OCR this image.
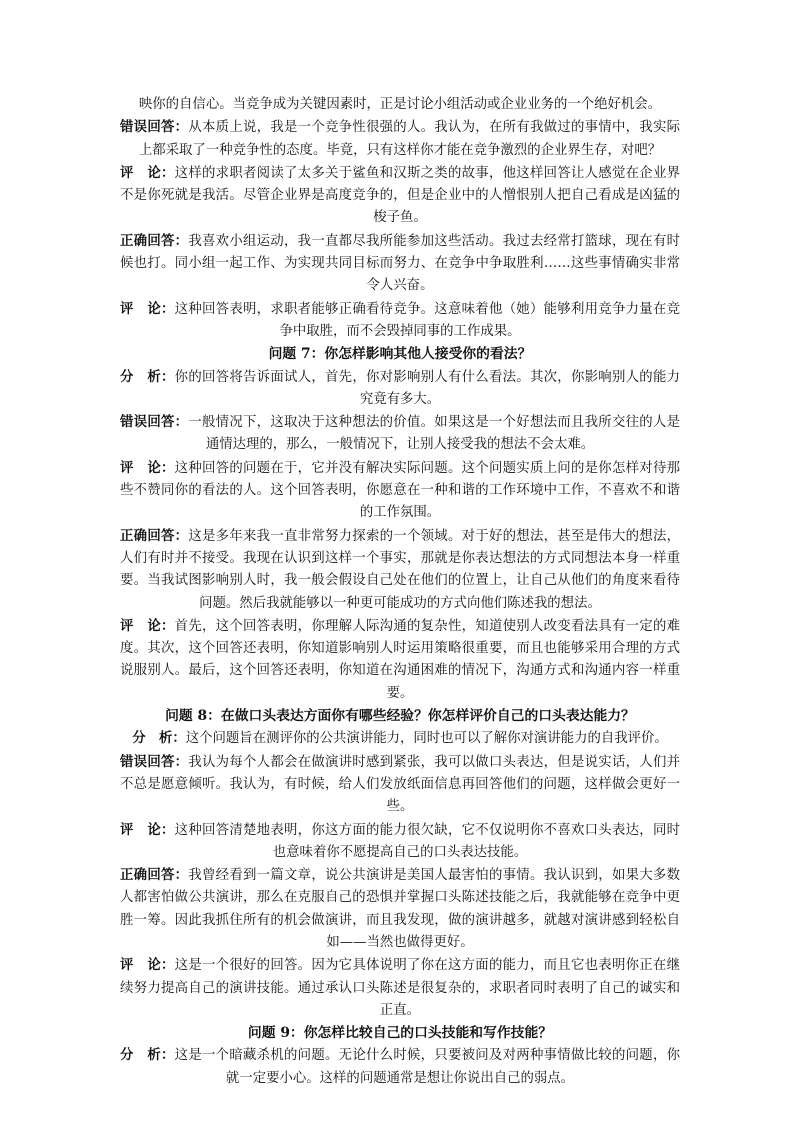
映你的自信心。当竞争成为关键因素时，正是讨论小组活动或企业业务的一个绝好机会。

错误回答：从本质上说，我是一个竞争性很强的人。我认为，在所有我做过的事情中，我实际上都采取了一种竞争性的态度。毕竟，只有这样你才能在竞争激烈的企业界生存，对吧？

评　论：这样的求职者阅读了太多关于鲨鱼和汉斯之类的故事，他这样回答让人感觉在企业界不是你死就是我活。尽管企业界是高度竞争的，但是企业中的人憎恨别人把自己看成是凶猛的梭子鱼。

正确回答：我喜欢小组运动，我一直都尽我所能参加这些活动。我过去经常打篮球，现在有时候也打。同小组一起工作、为实现共同目标而努力、在竞争中争取胜利……这些事情确实非常令人兴奋。

评　论：这种回答表明，求职者能够正确看待竞争。这意味着他（她）能够利用竞争力量在竞争中取胜，而不会毁掉同事的工作成果。

问题 7：你怎样影响其他人接受你的看法？

分　析：你的回答将告诉面试人，首先，你对影响别人有什么看法。其次，你影响别人的能力究竟有多大。

错误回答：一般情况下，这取决于这种想法的价值。如果这是一个好想法而且我所交往的人是通情达理的，那么，一般情况下，让别人接受我的想法不会太难。

评　论：这种回答的问题在于，它并没有解决实际问题。这个问题实质上问的是你怎样对待那些不赞同你的看法的人。这个回答表明，你愿意在一种和谐的工作环境中工作，不喜欢不和谐的工作氛围。

正确回答：这是多年来我一直非常努力探索的一个领域。对于好的想法，甚至是伟大的想法，人们有时并不接受。我现在认识到这样一个事实，那就是你表达想法的方式同想法本身一样重要。当我试图影响别人时，我一般会假设自己处在他们的位置上，让自己从他们的角度来看待问题。然后我就能够以一种更可能成功的方式向他们陈述我的想法。

评　论：首先，这个回答表明，你理解人际沟通的复杂性，知道使别人改变看法具有一定的难度。其次，这个回答还表明，你知道影响别人时运用策略很重要，而且也能够采用合理的方式说服别人。最后，这个回答还表明，你知道在沟通困难的情况下，沟通方式和沟通内容一样重要。

问题 8：在做口头表达方面你有哪些经验？你怎样评价自己的口头表达能力？

分　析：这个问题旨在测评你的公共演讲能力，同时也可以了解你对演讲能力的自我评价。

错误回答：我认为每个人都会在做演讲时感到紧张，我可以做口头表达，但是说实话，人们并不总是愿意倾听。我认为，有时候，给人们发放纸面信息再回答他们的问题，这样做会更好一些。

评　论：这种回答清楚地表明，你这方面的能力很欠缺，它不仅说明你不喜欢口头表达，同时也意味着你不愿提高自己的口头表达技能。

正确回答：我曾经看到一篇文章，说公共演讲是美国人最害怕的事情。我认识到，如果大多数人都害怕做公共演讲，那么在克服自己的恐惧并掌握口头陈述技能之后，我就能够在竞争中更胜一筹。因此我抓住所有的机会做演讲，而且我发现，做的演讲越多，就越对演讲感到轻松自如——当然也做得更好。

评　论：这是一个很好的回答。因为它具体说明了你在这方面的能力，而且它也表明你正在继续努力提高自己的演讲技能。通过承认口头陈述是很复杂的，求职者同时表明了自己的诚实和正直。

问题 9：你怎样比较自己的口头技能和写作技能？

分　析：这是一个暗藏杀机的问题。无论什么时候，只要被问及对两种事情做比较的问题，你就一定要小心。这样的问题通常是想让你说出自己的弱点。
